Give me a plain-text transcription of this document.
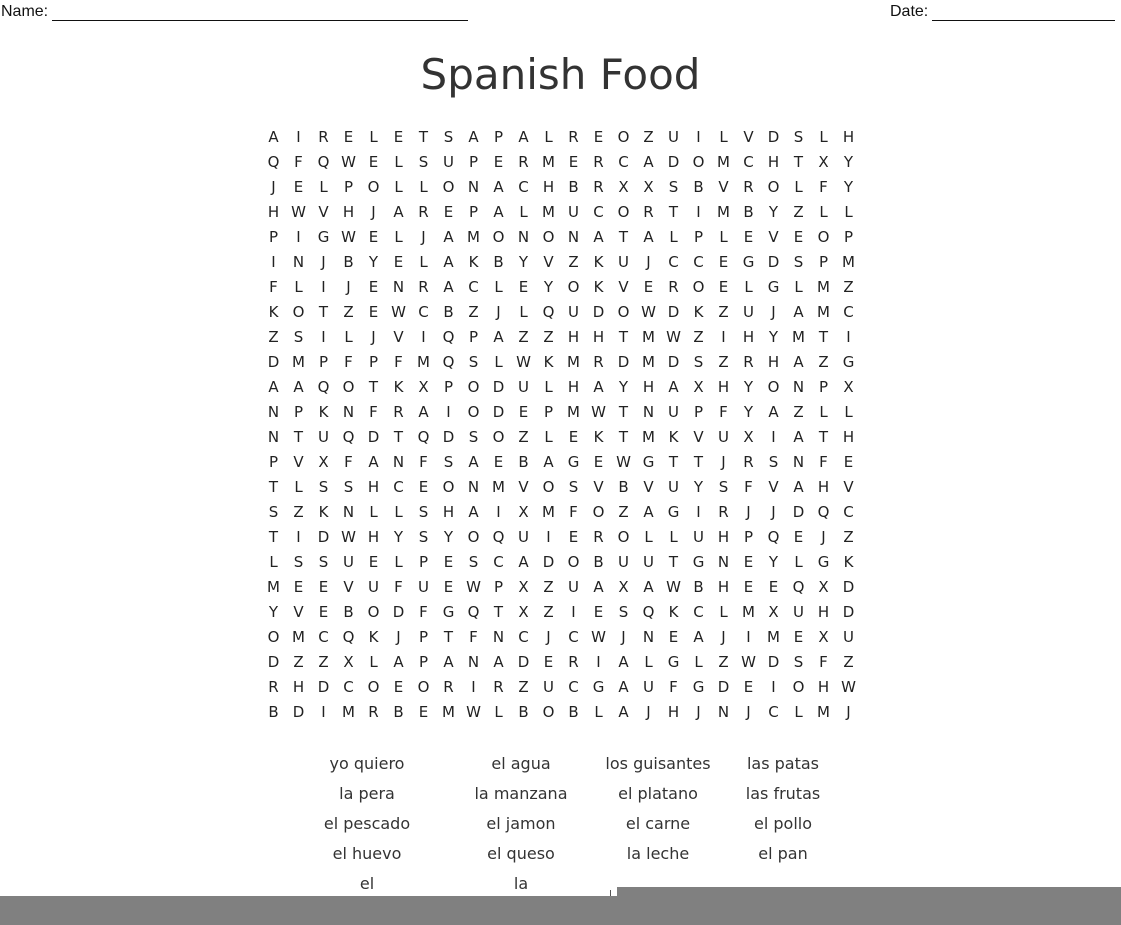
Name:	Date:
Spanish Food
A	I	R	E	L	E	T	S	A	P	A	L	R	E O Z U	I	L	V D S	L	H
Q F Q W E	L	S U P	E	R M E	R C A D O M C H T	X	Y
J	E	L	P O L	L O N A C H B R X X	S	B V R O L	F	Y
H W V H	J	A R	E	P	A	L M U C O R	T	I	M B	Y	Z	L	L
P	I	G W E	L	J	A M O N O N A	T	A	L	P	L	E	V	E O P
I	N	J	B	Y	E	L	A K B	Y	V Z K U	J	C C	E G D S	P M
F	L	I	J	E N R A C	L	E	Y O K V	E	R O E	L	G	L M Z
K O T	Z	E W C B Z	J	L Q U D O W D K Z U	J	A M C
Z	S	I	L	J	V	I	Q P	A Z Z H H T M W Z	I	H Y M T	I
D M P	F	P	F M Q S	L W K M R D M D S	Z R H A Z G
A A Q O T	K X	P O D U	L	H A	Y H A X H Y O N P	X
N P	K N	F	R A	I	O D E	P M W T N U P	F	Y	A Z	L	L
N T U Q D T Q D S O Z	L	E	K	T M K V U X	I	A	T H
P	V X	F	A N	F	S	A	E	B A G E W G T	T	J	R	S N	F	E
T	L	S	S H C	E O N M V O S	V B V U Y	S	F	V A H V
S	Z K N	L	L	S H A	I	X M F O Z A G	I	R	J	J	D Q C
T	I	D W H Y	S	Y O Q U	I	E	R O L	L	U H P Q E	J	Z
L	S	S U E	L	P	E	S C A D O B U U T G N E	Y	L	G K
M E	E	V U	F	U E W P	X Z U A X A W B H E	E Q X D
Y	V	E	B O D F G Q T	X Z	I	E	S Q K C	L M X U H D
O M C Q K	J	P	T	F	N C	J	C W	J	N E	A	J	I	M E	X U
D Z Z X	L	A	P	A N A D E	R	I	A	L	G	L	Z W D S	F	Z
R H D C O E O R	I	R Z U C G A U	F G D E	I	O H W
B D	I	M R B	E M W L	B O B	L	A	J	H	J	N	J	C	L M	J
yo quiero	el agua	los guisantes	las patas
la pera	la manzana	el platano	las frutas
el pescado	el jamon	el carne	el pollo
el huevo	el queso	la leche	el pan
el	la
